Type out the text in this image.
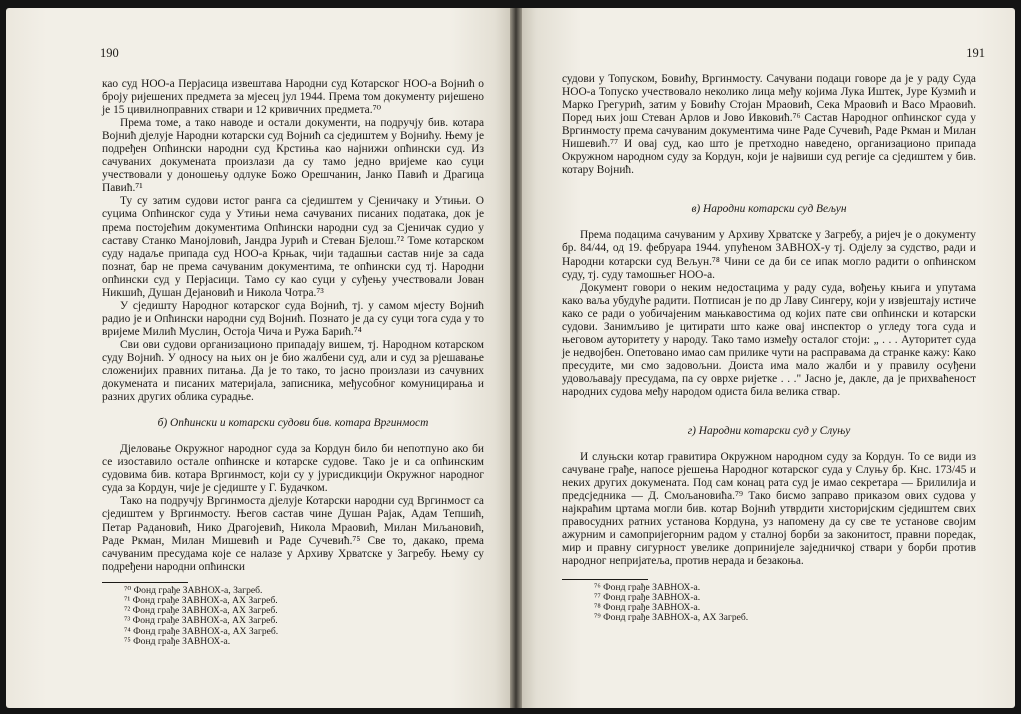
190

као суд НОО-а Перјасица извештава Народни суд Котарског НОО-а Војнић о броју ријешених предмета за мјесец јул 1944. Према том документу ријешено је 15 цивилноправних ствари и 12 кривичних предмета.⁷⁰

Према томе, а тако наводе и остали документи, на подручју бив. котара Војнић дјелује Народни котарски суд Војнић са сједиштем у Војнићу. Њему је подређен Опћински народни суд Крстиња као најнижи опћински суд. Из сачуваних докумената произлази да су тамо једно вријеме као суци учествовали у доношењу одлуке Божо Орешчанин, Јанко Павић и Драгица Павић.⁷¹

Ту су затим судови истог ранга са сједиштем у Сјеничаку и Утињи. О суцима Опћинског суда у Утињи нема сачуваних писаних података, док је према постојећим документима Опћински народни суд за Сјеничак судио у саставу Станко Манојловић, Јандра Јурић и Стеван Бјелош.⁷² Томе котарском суду надаље припада суд НОО-а Крњак, чији тадашњи састав није за сада познат, бар не према сачуваним документима, те опћински суд тј. Народни опћински суд у Перјасици. Тамо су као суци у суђењу учествовали Јован Никшић, Душан Дејановић и Никола Чотра.⁷³

У сједишту Народног котарског суда Војнић, тј. у самом мјесту Војнић радио је и Опћински народни суд Војнић. Познато је да су суци тога суда у то вријеме Милић Муслин, Остоја Чича и Ружа Барић.⁷⁴

Сви ови судови организационо припадају вишем, тј. Народном котарском суду Војнић. У односу на њих он је био жалбени суд, али и суд за рјешавање сложенијих правних питања. Да је то тако, то јасно произлази из сачувних докумената и писаних материјала, записника, међусобног комуницирања и разних других облика сурадње.

б) Опћински и котарски судови бив. котара Вргинмост

Дјеловање Окружног народног суда за Кордун било би непотпуно ако би се изоставило остале опћинске и котарске судове. Тако је и са опћинским судовима бив. котара Вргинмост, који су у јурисдикцији Окружног народног суда за Кордун, чије је сједиште у Г. Будачком.

Тако на подручју Вргинмоста дјелује Котарски народни суд Вргинмост са сједиштем у Вргинмосту. Његов састав чине Душан Рајак, Адам Тепшић, Петар Радановић, Нико Драгојевић, Никола Мраовић, Милан Миљановић, Раде Ркман, Милан Мишевић и Раде Сучевић.⁷⁵ Све то, дакако, према сачуваним пресудама које се налазе у Архиву Хрватске у Загребу. Њему су подређени народни опћински

⁷⁰ Фонд грађе ЗАВНОХ-а, Загреб.
⁷¹ Фонд грађе ЗАВНОХ-а, АХ Загреб.
⁷² Фонд грађе ЗАВНОХ-а, АХ Загреб.
⁷³ Фонд грађе ЗАВНОХ-а, АХ Загреб.
⁷⁴ Фонд грађе ЗАВНОХ-а, АХ Загреб.
⁷⁵ Фонд грађе ЗАВНОХ-а.
191

судови у Топуском, Бовићу, Вргинмосту. Сачувани подаци говоре да је у раду Суда НОО-а Топуско учествовало неколико лица међу којима Лука Иштек, Јуре Кузмић и Марко Грегурић, затим у Бовићу Стојан Мраовић, Сека Мраовић и Васо Мраовић. Поред њих још Стеван Арлов и Јово Ивковић.⁷⁶ Састав Народног опћинског суда у Вргинмосту према сачуваним документима чине Раде Сучевић, Раде Ркман и Милан Нишевић.⁷⁷ И овај суд, као што је претходно наведено, организационо припада Окружном народном суду за Кордун, који је највиши суд регије са сједиштем у бив. котару Војнић.

в) Народни котарски суд Вељун

Према подацима сачуваним у Архиву Хрватске у Загребу, а ријеч је о документу бр. 84/44, од 19. фебруара 1944. упућеном ЗАВНОХ-у тј. Одјелу за судство, ради и Народни котарски суд Вељун.⁷⁸ Чини се да би се ипак могло радити о опћинском суду, тј. суду тамошњег НОО-а.

Документ говори о неким недостацима у раду суда, вођењу књига и упутама како ваља убудуће радити. Потписан је по др Лаву Сингеру, који у извјештају истиче како се ради о уобичајеним мањкавостима од којих пате сви опћински и котарски судови. Занимљиво је цитирати што каже овај инспектор о угледу тога суда и његовом ауторитету у народу. Тако тамо између осталог стоји: „ . . . Ауторитет суда је недвојбен. Опетовано имао сам прилике чути на расправама да странке кажу: Како пресудите, ми смо задовољни. Доиста има мало жалби и у правилу осуђени удовољавају пресудама, па су оврхе ријетке . . ." Јасно је, дакле, да је прихваћеност народних судова међу народом одиста била велика ствар.

г) Народни котарски суд у Слуњу

И слуњски котар гравитира Окружном народном суду за Кордун. То се види из сачуване грађе, напосе рјешења Народног котарског суда у Слуњу бр. Кнс. 173/45 и неких других докумената. Под сам конац рата суд је имао секретара — Брилилија и предсједника — Д. Смољановића.⁷⁹ Тако бисмо заправо приказом ових судова у најкраћим цртама могли бив. котар Војнић утврдити хисторијским сједиштем свих правосудних ратних установа Кордуна, уз напомену да су све те установе својим ажурним и самопријегорним радом у сталној борби за законитост, правни поредак, мир и правну сигурност увелике допринијеле заједничкој ствари у борби против народног непријатеља, против нерада и безакоња.

⁷⁶ Фонд грађе ЗАВНОХ-а.
⁷⁷ Фонд грађе ЗАВНОХ-а.
⁷⁸ Фонд грађе ЗАВНОХ-а.
⁷⁹ Фонд грађе ЗАВНОХ-а, АХ Загреб.
